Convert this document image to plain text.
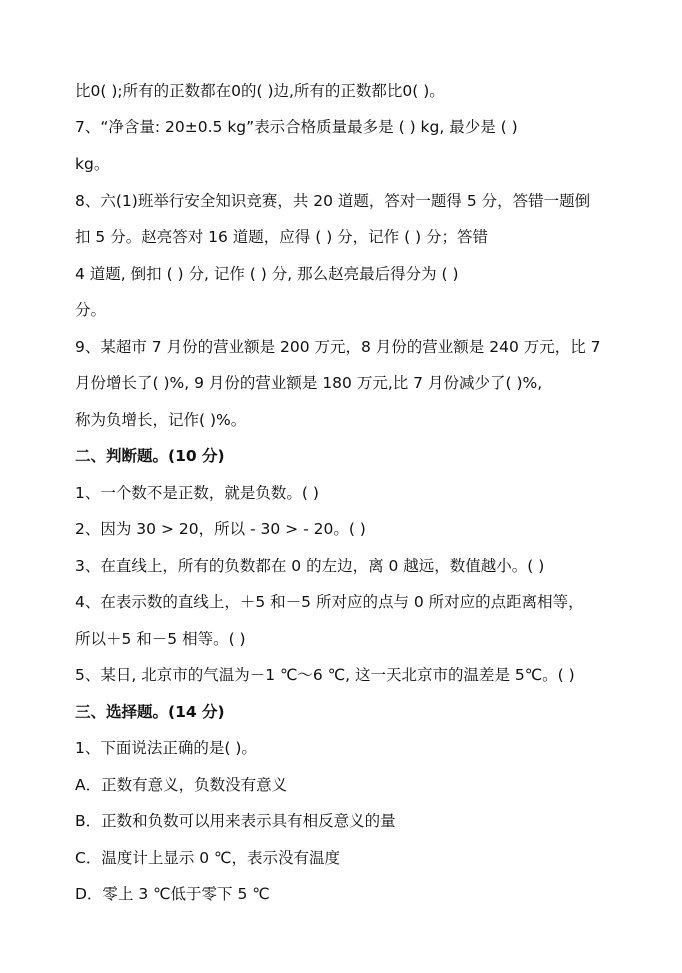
比0( );所有的正数都在0的( )边,所有的正数都比0( )。
7、“净含量: 20±0.5 kg”表示合格质量最多是 ( ) kg, 最少是 ( )
kg。
8、六(1)班举行安全知识竞赛，共 20 道题，答对一题得 5 分，答错一题倒
扣 5 分。赵亮答对 16 道题，应得 ( ) 分，记作 ( ) 分；答错
4 道题, 倒扣 ( ) 分, 记作 ( ) 分, 那么赵亮最后得分为 ( )
分。
9、某超市 7 月份的营业额是 200 万元，8 月份的营业额是 240 万元，比 7
月份增长了( )%, 9 月份的营业额是 180 万元,比 7 月份减少了( )%,
称为负增长，记作( )%。
二、判断题。(10 分)
1、一个数不是正数，就是负数。( )
2、因为 30 > 20，所以 - 30 > - 20。( )
3、在直线上，所有的负数都在 0 的左边，离 0 越远，数值越小。( )
4、在表示数的直线上，＋5 和－5 所对应的点与 0 所对应的点距离相等，
所以＋5 和－5 相等。( )
5、某日, 北京市的气温为－1 ℃～6 ℃, 这一天北京市的温差是 5℃。( )
三、选择题。(14 分)
1、下面说法正确的是( )。
A．正数有意义，负数没有意义
B．正数和负数可以用来表示具有相反意义的量
C．温度计上显示 0 ℃，表示没有温度
D．零上 3 ℃低于零下 5 ℃
